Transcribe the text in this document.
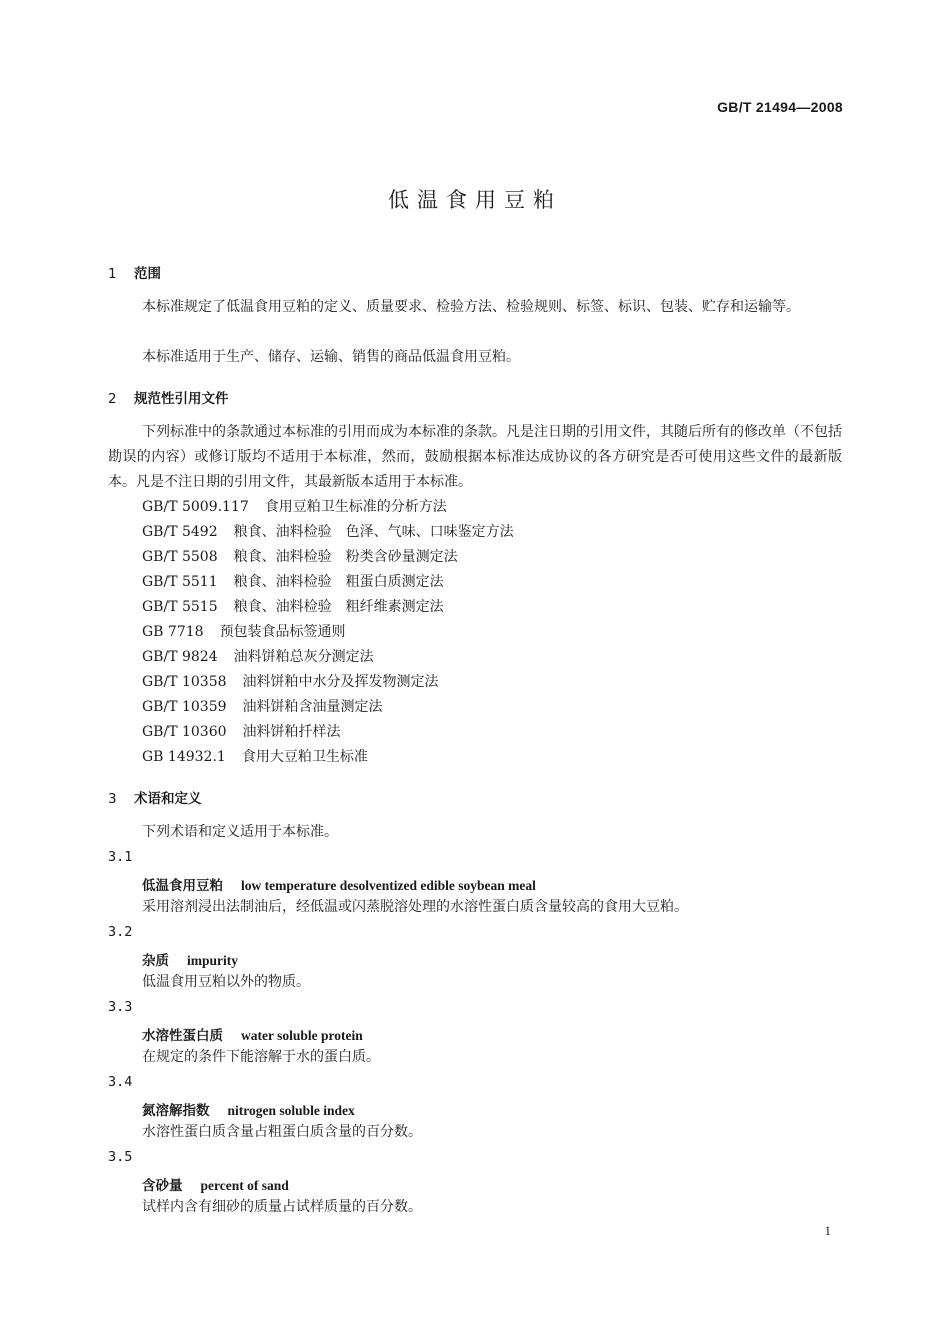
GB/T 21494—2008
低温食用豆粕
1 范围
本标准规定了低温食用豆粕的定义、质量要求、检验方法、检验规则、标签、标识、包装、贮存和运输等。
本标准适用于生产、储存、运输、销售的商品低温食用豆粕。
2 规范性引用文件
下列标准中的条款通过本标准的引用而成为本标准的条款。凡是注日期的引用文件，其随后所有的修改单（不包括勘误的内容）或修订版均不适用于本标准，然而，鼓励根据本标准达成协议的各方研究是否可使用这些文件的最新版本。凡是不注日期的引用文件，其最新版本适用于本标准。
GB/T 5009.117 食用豆粕卫生标准的分析方法
GB/T 5492 粮食、油料检验　色泽、气味、口味鉴定方法
GB/T 5508 粮食、油料检验　粉类含砂量测定法
GB/T 5511 粮食、油料检验　粗蛋白质测定法
GB/T 5515 粮食、油料检验　粗纤维素测定法
GB 7718 预包装食品标签通则
GB/T 9824 油料饼粕总灰分测定法
GB/T 10358 油料饼粕中水分及挥发物测定法
GB/T 10359 油料饼粕含油量测定法
GB/T 10360 油料饼粕扦样法
GB 14932.1 食用大豆粕卫生标准
3 术语和定义
下列术语和定义适用于本标准。
3.1
低温食用豆粕 low temperature desolventized edible soybean meal
采用溶剂浸出法制油后，经低温或闪蒸脱溶处理的水溶性蛋白质含量较高的食用大豆粕。
3.2
杂质 impurity
低温食用豆粕以外的物质。
3.3
水溶性蛋白质 water soluble protein
在规定的条件下能溶解于水的蛋白质。
3.4
氮溶解指数 nitrogen soluble index
水溶性蛋白质含量占粗蛋白质含量的百分数。
3.5
含砂量 percent of sand
试样内含有细砂的质量占试样质量的百分数。
1
